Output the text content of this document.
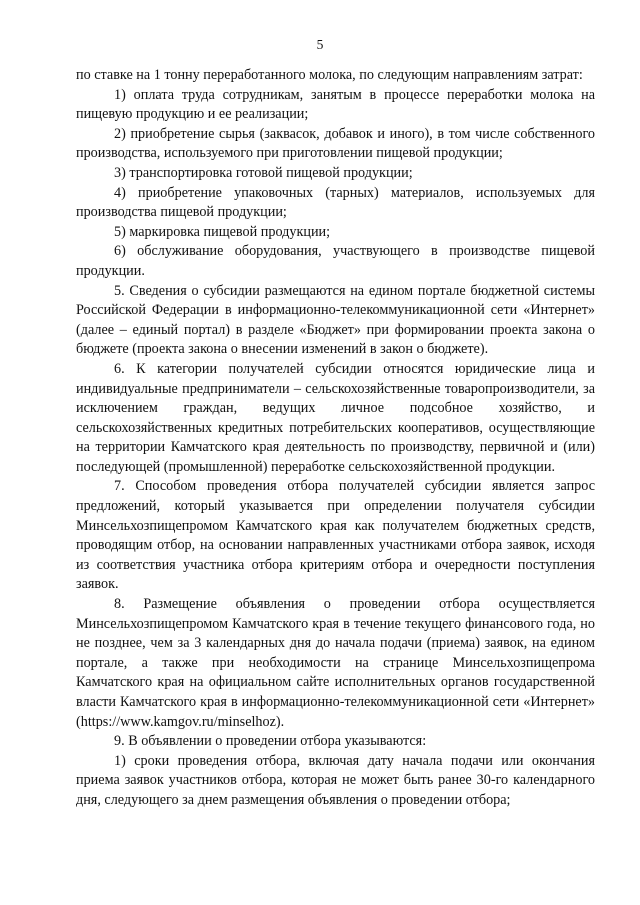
5

по ставке на 1 тонну переработанного молока, по следующим направлениям затрат:

1) оплата труда сотрудникам, занятым в процессе переработки молока на пищевую продукцию и ее реализации;

2) приобретение сырья (заквасок, добавок и иного), в том числе собственного производства, используемого при приготовлении пищевой продукции;

3) транспортировка готовой пищевой продукции;

4) приобретение упаковочных (тарных) материалов, используемых для производства пищевой продукции;

5) маркировка пищевой продукции;

6) обслуживание оборудования, участвующего в производстве пищевой продукции.

5. Сведения о субсидии размещаются на едином портале бюджетной системы Российской Федерации в информационно-телекоммуникационной сети «Интернет» (далее – единый портал) в разделе «Бюджет» при формировании проекта закона о бюджете (проекта закона о внесении изменений в закон о бюджете).

6. К категории получателей субсидии относятся юридические лица и индивидуальные предприниматели – сельскохозяйственные товаропроизводители, за исключением граждан, ведущих личное подсобное хозяйство, и сельскохозяйственных кредитных потребительских кооперативов, осуществляющие на территории Камчатского края деятельность по производству, первичной и (или) последующей (промышленной) переработке сельскохозяйственной продукции.

7. Способом проведения отбора получателей субсидии является запрос предложений, который указывается при определении получателя субсидии Минсельхозпищепромом Камчатского края как получателем бюджетных средств, проводящим отбор, на основании направленных участниками отбора заявок, исходя из соответствия участника отбора критериям отбора и очередности поступления заявок.

8. Размещение объявления о проведении отбора осуществляется Минсельхозпищепромом Камчатского края в течение текущего финансового года, но не позднее, чем за 3 календарных дня до начала подачи (приема) заявок, на едином портале, а также при необходимости на странице Минсельхозпищепрома Камчатского края на официальном сайте исполнительных органов государственной власти Камчатского края в информационно-телекоммуникационной сети «Интернет» (https://www.kamgov.ru/minselhoz).

9. В объявлении о проведении отбора указываются:

1) сроки проведения отбора, включая дату начала подачи или окончания приема заявок участников отбора, которая не может быть ранее 30-го календарного дня, следующего за днем размещения объявления о проведении отбора;
